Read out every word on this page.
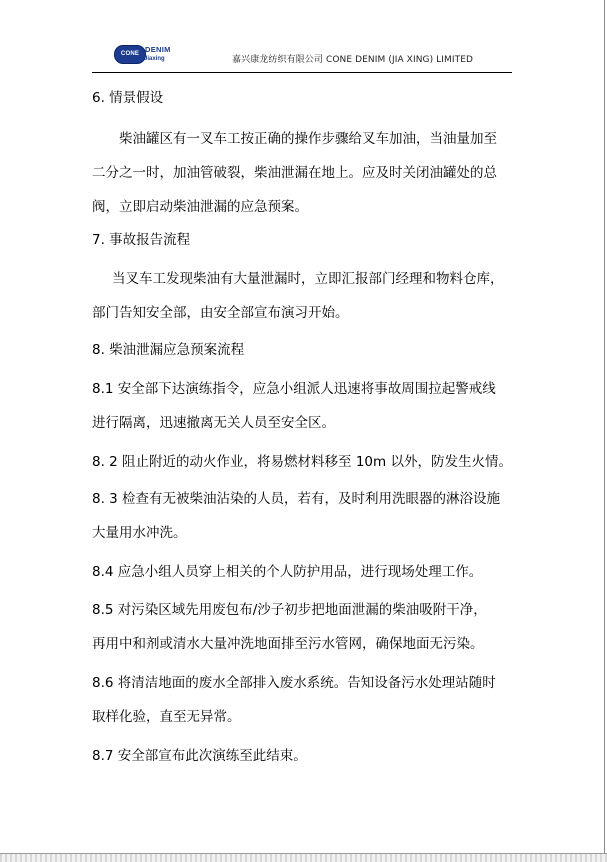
CONE DENIM
Jiaxing	嘉兴康龙纺织有限公司 CONE DENIM (JIA XING) LIMITED

6. 情景假设

柴油罐区有一叉车工按正确的操作步骤给叉车加油，当油量加至
二分之一时，加油管破裂，柴油泄漏在地上。应及时关闭油罐处的总
阀，立即启动柴油泄漏的应急预案。

7. 事故报告流程

当叉车工发现柴油有大量泄漏时，立即汇报部门经理和物料仓库，
部门告知安全部，由安全部宣布演习开始。

8. 柴油泄漏应急预案流程

8.1 安全部下达演练指令，应急小组派人迅速将事故周围拉起警戒线
进行隔离，迅速撤离无关人员至安全区。

8. 2 阻止附近的动火作业，将易燃材料移至 10m 以外，防发生火情。

8. 3 检查有无被柴油沾染的人员，若有，及时利用洗眼器的淋浴设施
大量用水冲洗。

8.4 应急小组人员穿上相关的个人防护用品，进行现场处理工作。

8.5 对污染区域先用废包布/沙子初步把地面泄漏的柴油吸附干净，
再用中和剂或清水大量冲洗地面排至污水管网，确保地面无污染。

8.6 将清洁地面的废水全部排入废水系统。告知设备污水处理站随时
取样化验，直至无异常。

8.7 安全部宣布此次演练至此结束。
